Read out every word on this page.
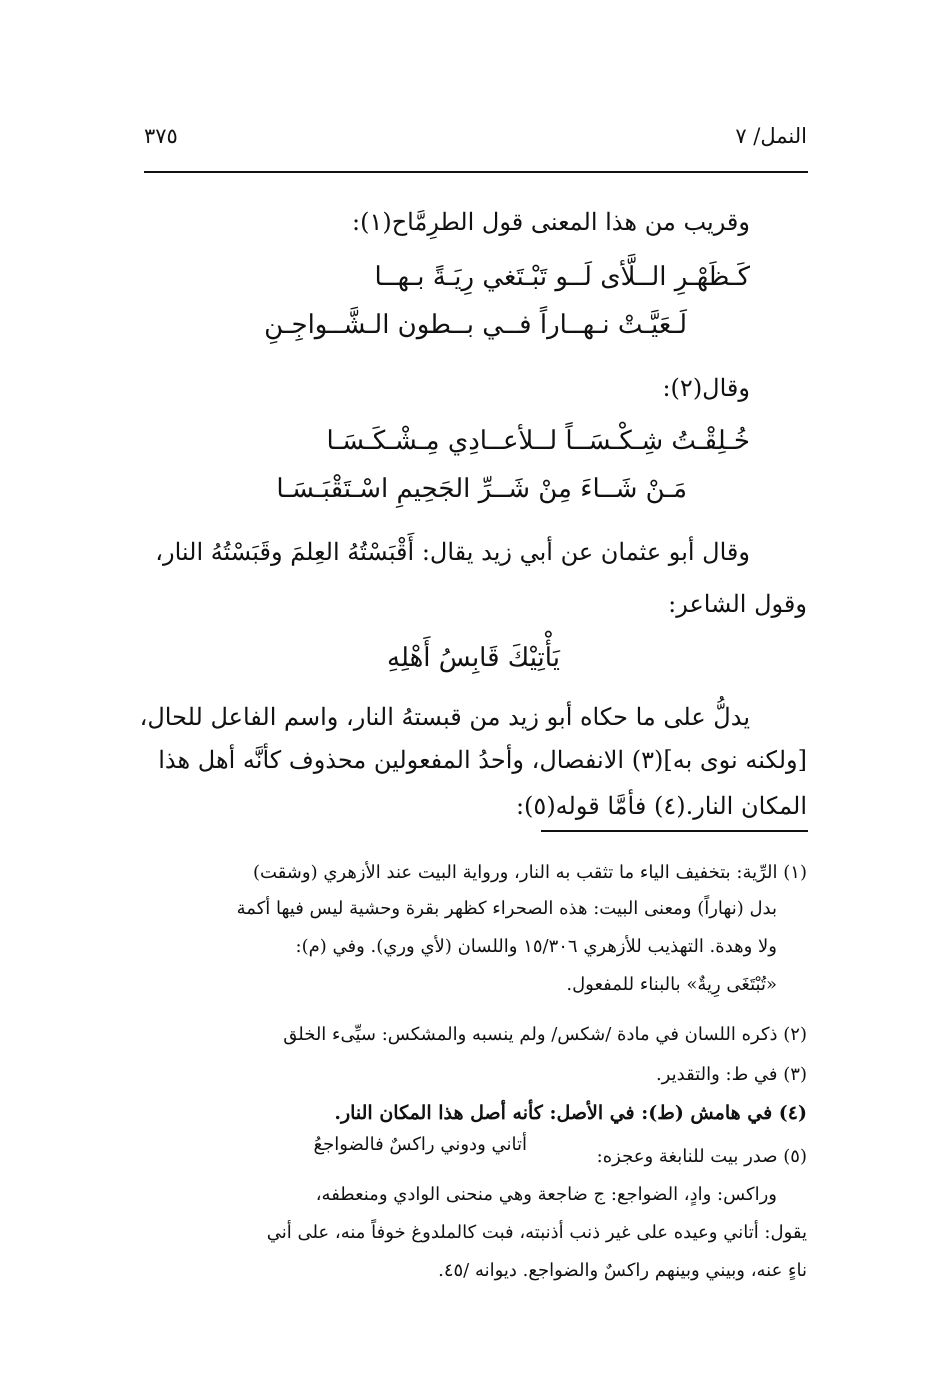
٣٧٥	النمل/ ٧
وقريب من هذا المعنى قول الطرِمَّاح(١):
كَـظَهْـرِ الــلَّأى لَــو تَبْـتَغي رِيَـةً بـهــا
لَـعَيَّـتْ نـهــاراً فــي بــطون الـشَّــواجِـنِ
وقال(٢):
خُـلِقْـتُ شِـكْـسَــاً لــلأعــادِي مِـشْـكَـسَـا
مَـنْ شَــاءَ مِنْ شَــرِّ الجَحِيمِ اسْـتَقْبَـسَـا
وقال أبو عثمان عن أبي زيد يقال: أَقْبَسْتُهُ العِلمَ وقَبَسْتُهُ النار،
وقول الشاعر:
يَأْتِيْكَ قَابِسُ أَهْلِهِ
يدلُّ على ما حكاه أبو زيد من قبستهُ النار، واسم الفاعل للحال،
[ولكنه نوى به](٣) الانفصال، وأحدُ المفعولين محذوف كأنَّه أهل هذا
المكان النار.(٤) فأمَّا قوله(٥):
(١) الرِّية: بتخفيف الياء ما تثقب به النار، ورواية البيت عند الأزهري (وشقت)
بدل (نهاراً) ومعنى البيت: هذه الصحراء كظهر بقرة وحشية ليس فيها أكمة
ولا وهدة. التهذيب للأزهري ١٥/٣٠٦ واللسان (لأي وري). وفي (م):
«تُبْتَغَى رِيةٌ» بالبناء للمفعول.
(٢) ذكره اللسان في مادة /شكس/ ولم ينسبه والمشكس: سيِّىء الخلق
(٣) في ط: والتقدير.
(٤) في هامش (ط): في الأصل: كأنه أصل هذا المكان النار.
(٥) صدر بيت للنابغة وعجزه:
أتاني ودوني راكسٌ فالضواجعُ
وراكس: وادٍ، الضواجع: ج ضاجعة وهي منحنى الوادي ومنعطفه،
يقول: أتاني وعيده على غير ذنب أذنبته، فبت كالملدوغ خوفاً منه، على أني
ناءٍ عنه، وبيني وبينهم راكسٌ والضواجع. ديوانه /٤٥.
